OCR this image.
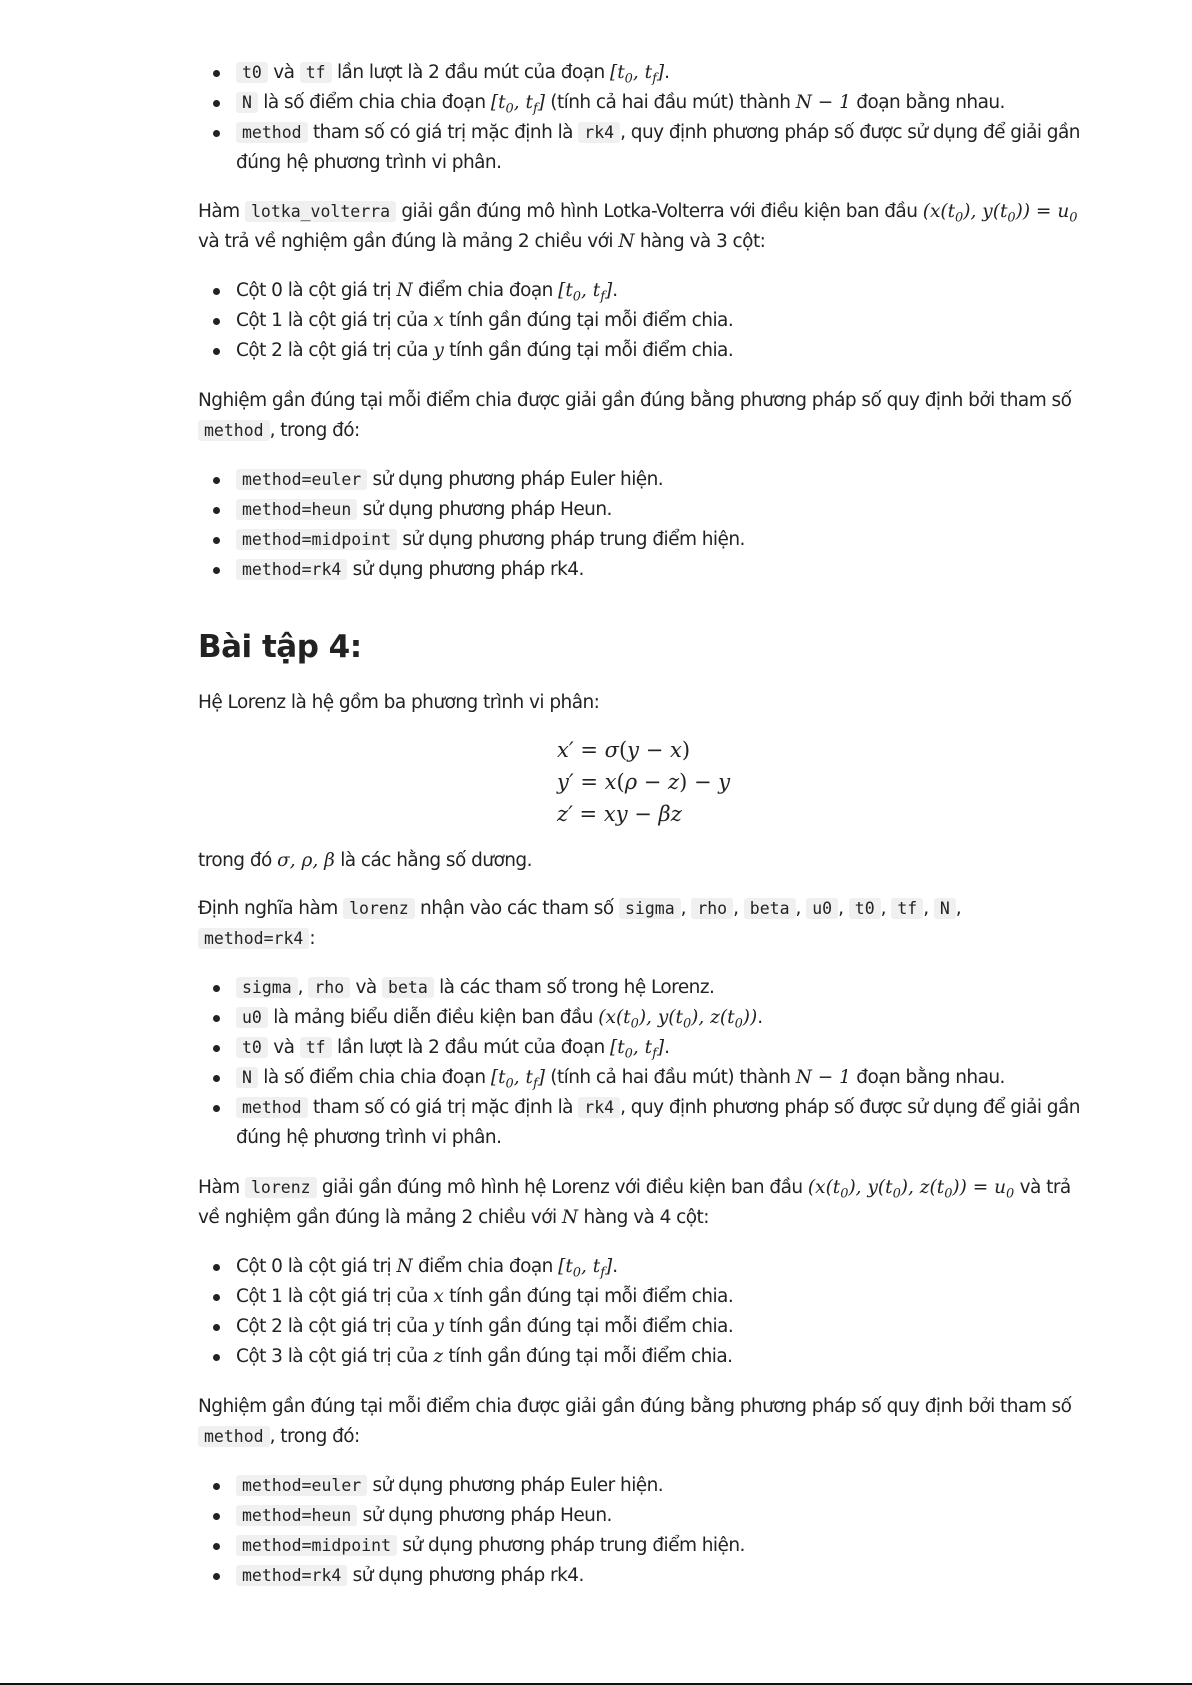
Bài tập 4:
x′ = σ(y − x)
y′ = x(ρ − z) − y
z′ = xy − βz
t0 và tf lần lượt là 2 đầu mút của đoạn [$t_0$, $t_f$].
N là số điểm chia chia đoạn [$t_0$, $t_f$] (tính cả hai đầu mút) thành N − 1 đoạn bằng nhau.
method tham số có giá trị mặc định là rk4 , quy định phương pháp số được sử dụng để giải gần
đúng hệ phương trình vi phân.
Hàm lotka_volterra giải gần đúng mô hình Lotka-Volterra với điều kiện ban đầu ($x(t_0)$, $y(t_0)) = u_0$
và trả về nghiệm gần đúng là mảng 2 chiều với N hàng và 3 cột:
Cột 0 là cột giá trị N điểm chia đoạn [$t_0$, $t_f$].
Cột 1 là cột giá trị của x tính gần đúng tại mỗi điểm chia.
Cột 2 là cột giá trị của y tính gần đúng tại mỗi điểm chia.
Nghiệm gần đúng tại mỗi điểm chia được giải gần đúng bằng phương pháp số quy định bởi tham số
method , trong đó:
method=euler sử dụng phương pháp Euler hiện.
method=heun sử dụng phương pháp Heun.
method=midpoint sử dụng phương pháp trung điểm hiện.
method=rk4 sử dụng phương pháp rk4.
Hệ Lorenz là hệ gồm ba phương trình vi phân:
trong đó σ, ρ, β là các hằng số dương.
Định nghĩa hàm lorenz nhận vào các tham số sigma , rho , beta , u0 , t0 , tf , N ,
method=rk4 :
sigma , rho và beta là các tham số trong hệ Lorenz.
u0 là mảng biểu diễn điều kiện ban đầu ($x(t_0)$, $y(t_0)$, $z(t_0)$).
t0 và tf lần lượt là 2 đầu mút của đoạn [$t_0$, $t_f$].
N là số điểm chia chia đoạn [$t_0$, $t_f$] (tính cả hai đầu mút) thành N − 1 đoạn bằng nhau.
method tham số có giá trị mặc định là rk4 , quy định phương pháp số được sử dụng để giải gần
đúng hệ phương trình vi phân.
Hàm lorenz giải gần đúng mô hình hệ Lorenz với điều kiện ban đầu ($x(t_0)$, $y(t_0)$, $z(t_0)) = u_0$ và trả
về nghiệm gần đúng là mảng 2 chiều với N hàng và 4 cột:
Cột 0 là cột giá trị N điểm chia đoạn [$t_0$, $t_f$].
Cột 1 là cột giá trị của x tính gần đúng tại mỗi điểm chia.
Cột 2 là cột giá trị của y tính gần đúng tại mỗi điểm chia.
Cột 3 là cột giá trị của z tính gần đúng tại mỗi điểm chia.
Nghiệm gần đúng tại mỗi điểm chia được giải gần đúng bằng phương pháp số quy định bởi tham số
method , trong đó:
method=euler sử dụng phương pháp Euler hiện.
method=heun sử dụng phương pháp Heun.
method=midpoint sử dụng phương pháp trung điểm hiện.
method=rk4 sử dụng phương pháp rk4.
